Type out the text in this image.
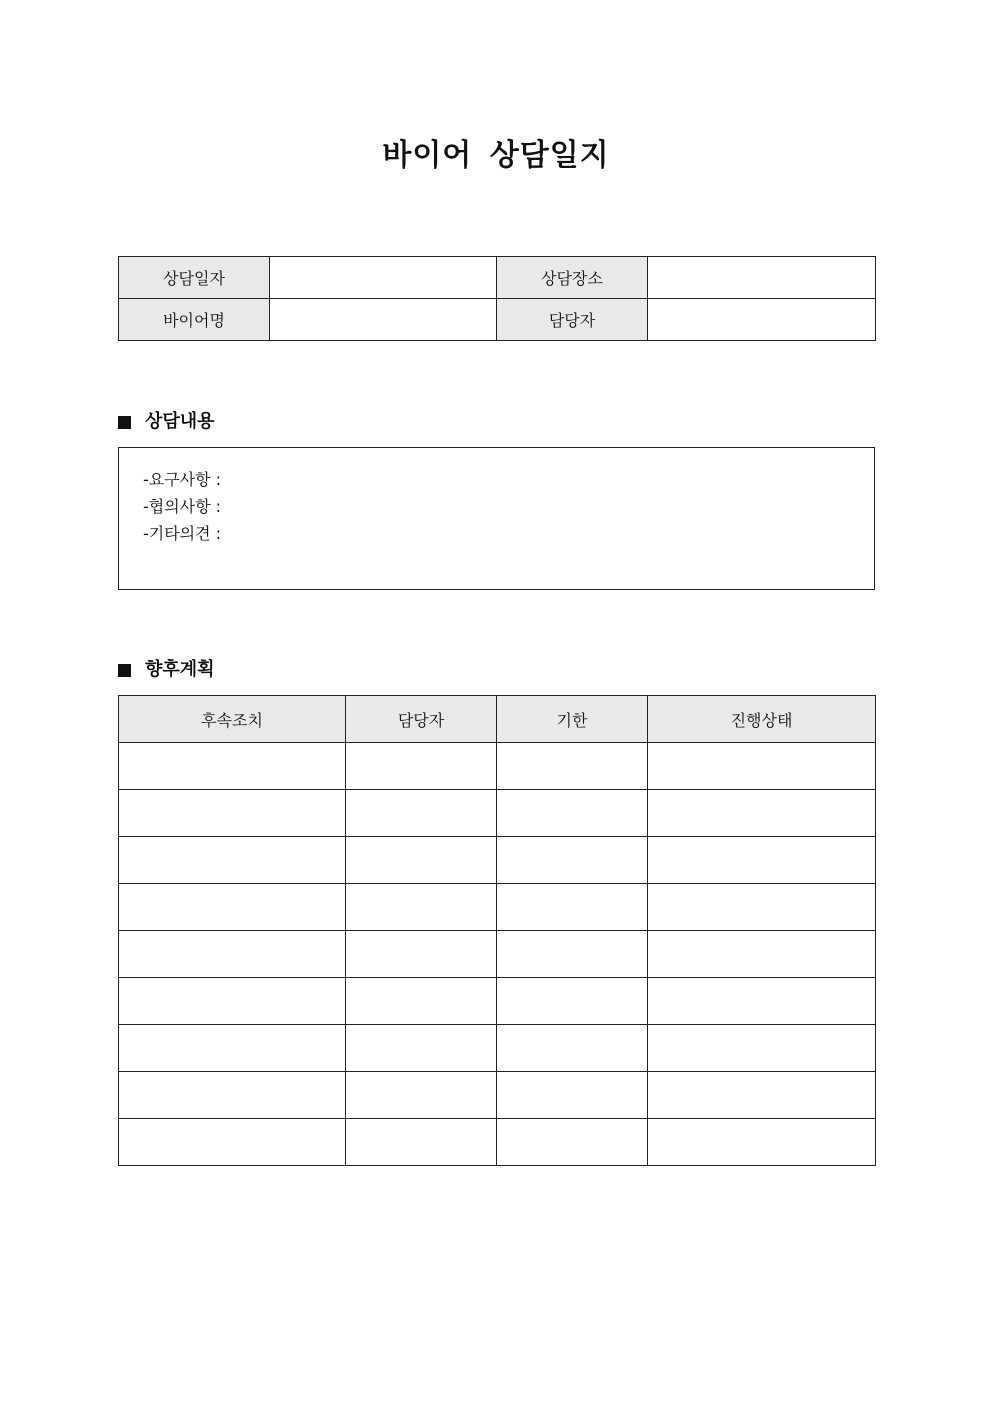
바이어 상담일지
상담일자		상담장소	
바이어명		담당자	
상담내용
-요구사항 :
-협의사항 :
-기타의견 :
향후계획
후속조치	담당자	기한	진행상태
